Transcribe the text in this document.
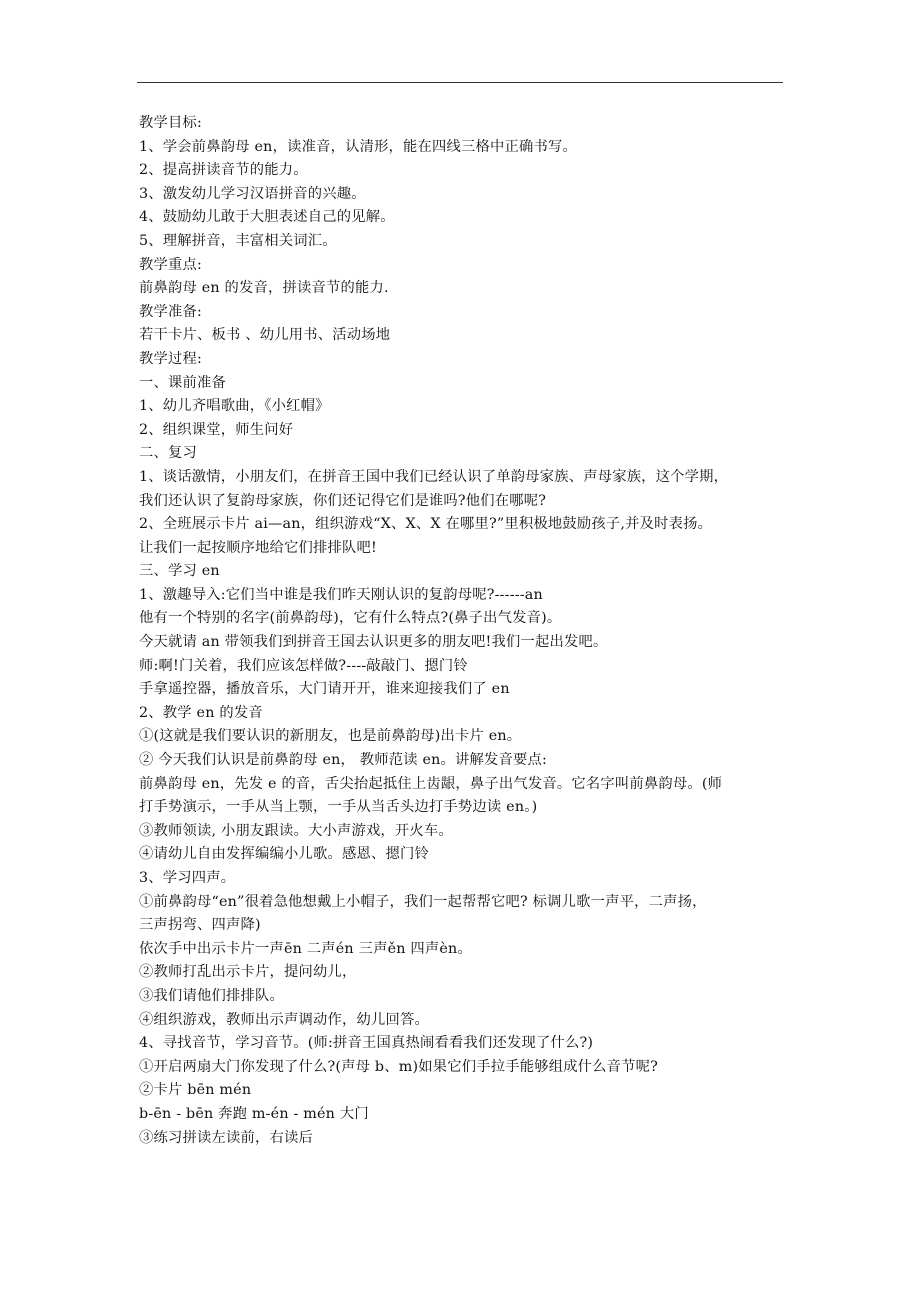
教学目标:
1、学会前鼻韵母 en，读准音，认清形，能在四线三格中正确书写。
2、提高拼读音节的能力。
3、激发幼儿学习汉语拼音的兴趣。
4、鼓励幼儿敢于大胆表述自己的见解。
5、理解拼音，丰富相关词汇。
教学重点:
前鼻韵母 en 的发音，拼读音节的能力.
教学准备:
若干卡片、板书 、幼儿用书、活动场地
教学过程:
一、课前准备
1、幼儿齐唱歌曲，《小红帽》
2、组织课堂，师生问好
二、复习
1、谈话激情，小朋友们，在拼音王国中我们已经认识了单韵母家族、声母家族，这个学期，
我们还认识了复韵母家族，你们还记得它们是谁吗?他们在哪呢?
2、全班展示卡片 ai—an，组织游戏“X、X、X 在哪里?”里积极地鼓励孩子,并及时表扬。
让我们一起按顺序地给它们排排队吧!
三、学习 en
1、激趣导入:它们当中谁是我们昨天刚认识的复韵母呢?------an
他有一个特别的名字(前鼻韵母)，它有什么特点?(鼻子出气发音)。
今天就请 an 带领我们到拼音王国去认识更多的朋友吧!我们一起出发吧。
师:啊!门关着，我们应该怎样做?----敲敲门、摁门铃
手拿遥控器，播放音乐，大门请开开，谁来迎接我们了 en
2、教学 en 的发音
①(这就是我们要认识的新朋友，也是前鼻韵母)出卡片 en。
② 今天我们认识是前鼻韵母 en， 教师范读 en。讲解发音要点:
前鼻韵母 en，先发 e 的音，舌尖抬起抵住上齿龈，鼻子出气发音。它名字叫前鼻韵母。(师
打手势演示，一手从当上颚，一手从当舌头边打手势边读 en。)
③教师领读, 小朋友跟读。大小声游戏，开火车。
④请幼儿自由发挥编编小儿歌。感恩、摁门铃
3、学习四声。
①前鼻韵母“en”很着急他想戴上小帽子，我们一起帮帮它吧? 标调儿歌一声平，二声扬，
三声拐弯、四声降)
依次手中出示卡片一声ēn 二声én 三声ěn 四声èn。
②教师打乱出示卡片，提问幼儿，
③我们请他们排排队。
④组织游戏，教师出示声调动作，幼儿回答。
4、寻找音节，学习音节。(师:拼音王国真热闹看看我们还发现了什么?)
①开启两扇大门你发现了什么?(声母 b、m)如果它们手拉手能够组成什么音节呢?
②卡片 bēn mén
b-ēn - bēn 奔跑 m-én - mén 大门
③练习拼读左读前，右读后
